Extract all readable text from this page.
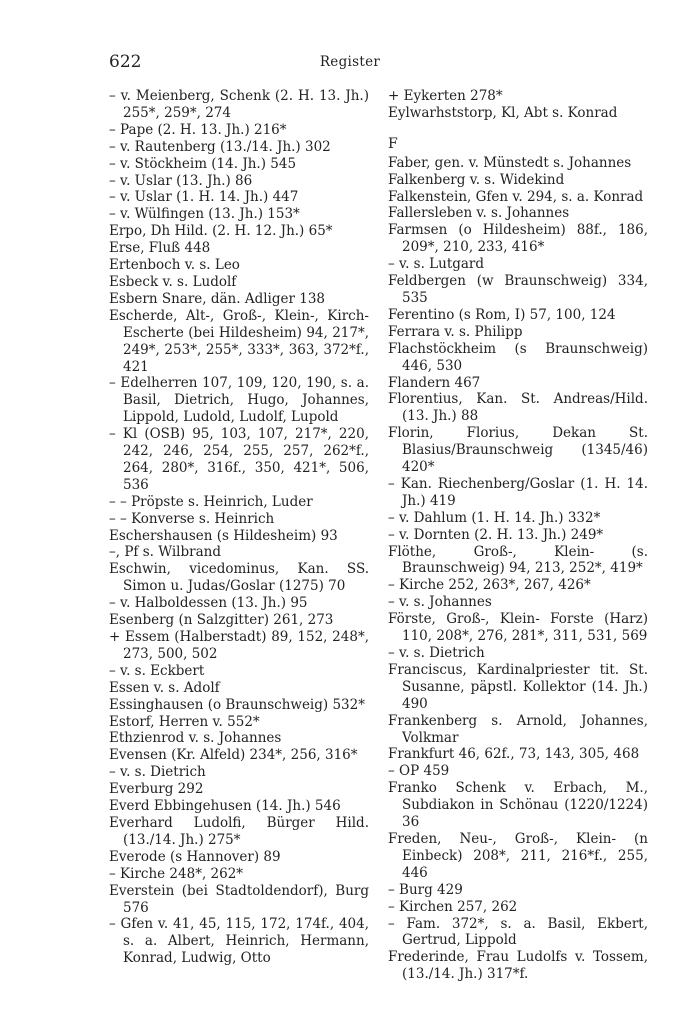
622	Register
– v. Meienberg, Schenk (2. H. 13. Jh.) 255*, 259*, 274
– Pape (2. H. 13. Jh.) 216*
– v. Rautenberg (13./14. Jh.) 302
– v. Stöckheim (14. Jh.) 545
– v. Uslar (13. Jh.) 86
– v. Uslar (1. H. 14. Jh.) 447
– v. Wülfingen (13. Jh.) 153*
Erpo, Dh Hild. (2. H. 12. Jh.) 65*
Erse, Fluß 448
Ertenboch v. s. Leo
Esbeck v. s. Ludolf
Esbern Snare, dän. Adliger 138
Escherde, Alt-, Groß-, Klein-, Kirch-Escherte (bei Hildesheim) 94, 217*, 249*, 253*, 255*, 333*, 363, 372*f., 421
– Edelherren 107, 109, 120, 190, s. a. Basil, Dietrich, Hugo, Johannes, Lippold, Ludold, Ludolf, Lupold
– Kl (OSB) 95, 103, 107, 217*, 220, 242, 246, 254, 255, 257, 262*f., 264, 280*, 316f., 350, 421*, 506, 536
– – Pröpste s. Heinrich, Luder
– – Konverse s. Heinrich
Eschershausen (s Hildesheim) 93
–, Pf s. Wilbrand
Eschwin, vicedominus, Kan. SS. Simon u. Judas/Goslar (1275) 70
– v. Halboldessen (13. Jh.) 95
Esenberg (n Salzgitter) 261, 273
+ Essem (Halberstadt) 89, 152, 248*, 273, 500, 502
– v. s. Eckbert
Essen v. s. Adolf
Essinghausen (o Braunschweig) 532*
Estorf, Herren v. 552*
Ethzienrod v. s. Johannes
Evensen (Kr. Alfeld) 234*, 256, 316*
– v. s. Dietrich
Everburg 292
Everd Ebbingehusen (14. Jh.) 546
Everhard Ludolfi, Bürger Hild. (13./14. Jh.) 275*
Everode (s Hannover) 89
– Kirche 248*, 262*
Everstein (bei Stadtoldendorf), Burg 576
– Gfen v. 41, 45, 115, 172, 174f., 404, s. a. Albert, Heinrich, Hermann, Konrad, Ludwig, Otto
+ Eykerten 278*
Eylwarhststorp, Kl, Abt s. Konrad
F
Faber, gen. v. Münstedt s. Johannes
Falkenberg v. s. Widekind
Falkenstein, Gfen v. 294, s. a. Konrad
Fallersleben v. s. Johannes
Farmsen (o Hildesheim) 88f., 186, 209*, 210, 233, 416*
– v. s. Lutgard
Feldbergen (w Braunschweig) 334, 535
Ferentino (s Rom, I) 57, 100, 124
Ferrara v. s. Philipp
Flachstöckheim (s Braunschweig) 446, 530
Flandern 467
Florentius, Kan. St. Andreas/Hild. (13. Jh.) 88
Florin, Florius, Dekan St. Blasius/Braunschweig (1345/46) 420*
– Kan. Riechenberg/Goslar (1. H. 14. Jh.) 419
– v. Dahlum (1. H. 14. Jh.) 332*
– v. Dornten (2. H. 13. Jh.) 249*
Flöthe, Groß-, Klein- (s. Braunschweig) 94, 213, 252*, 419*
– Kirche 252, 263*, 267, 426*
– v. s. Johannes
Förste, Groß-, Klein- Forste (Harz) 110, 208*, 276, 281*, 311, 531, 569
– v. s. Dietrich
Franciscus, Kardinalpriester tit. St. Susanne, päpstl. Kollektor (14. Jh.) 490
Frankenberg s. Arnold, Johannes, Volkmar
Frankfurt 46, 62f., 73, 143, 305, 468
– OP 459
Franko Schenk v. Erbach, M., Subdiakon in Schönau (1220/1224) 36
Freden, Neu-, Groß-, Klein- (n Einbeck) 208*, 211, 216*f., 255, 446
– Burg 429
– Kirchen 257, 262
– Fam. 372*, s. a. Basil, Ekbert, Gertrud, Lippold
Frederinde, Frau Ludolfs v. Tossem, (13./14. Jh.) 317*f.
